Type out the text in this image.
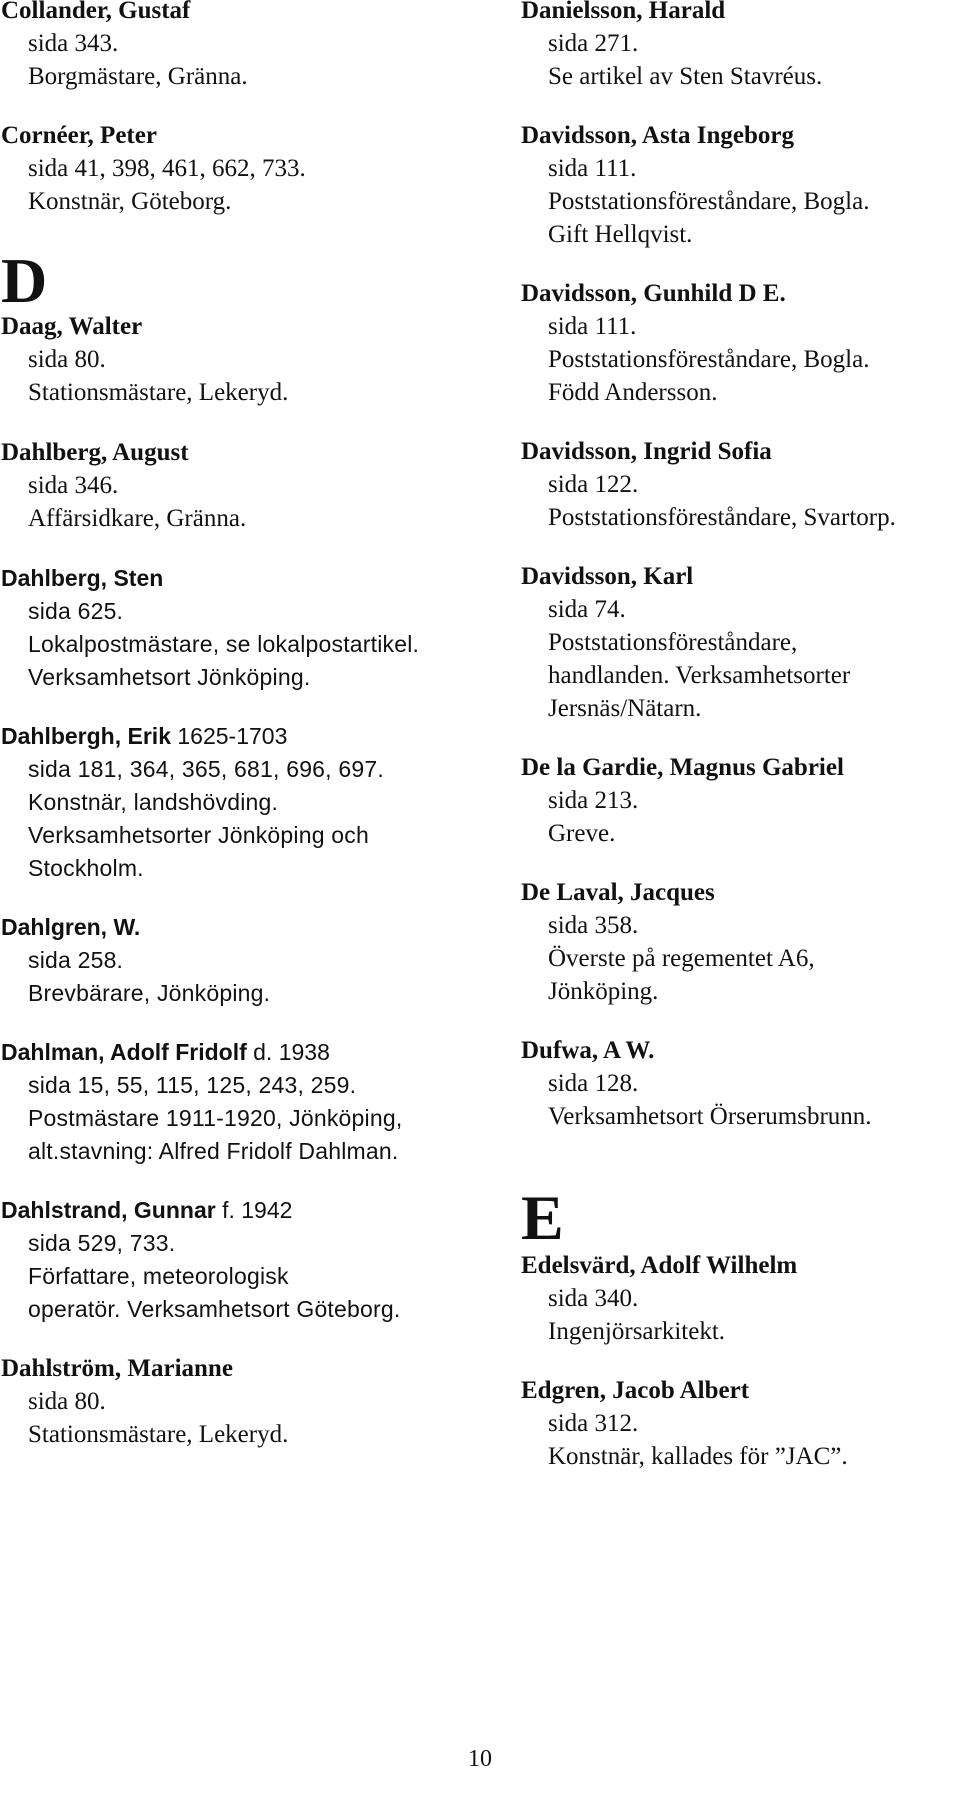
Collander, Gustaf
sida 343.
Borgmästare, Gränna.
Cornéer, Peter
sida 41, 398, 461, 662, 733.
Konstnär, Göteborg.
D
Daag, Walter
sida 80.
Stationsmästare, Lekeryd.
Dahlberg, August
sida 346.
Affärsidkare, Gränna.
Dahlberg, Sten
sida 625.
Lokalpostmästare, se lokalpostartikel.
Verksamhetsort Jönköping.
Dahlbergh, Erik 1625-1703
sida 181, 364, 365, 681, 696, 697.
Konstnär, landshövding.
Verksamhetsorter Jönköping och
Stockholm.
Dahlgren, W.
sida 258.
Brevbärare, Jönköping.
Dahlman, Adolf Fridolf d. 1938
sida 15, 55, 115, 125, 243, 259.
Postmästare 1911-1920, Jönköping,
alt.stavning: Alfred Fridolf Dahlman.
Dahlstrand, Gunnar f. 1942
sida 529, 733.
Författare, meteorologisk
operatör. Verksamhetsort Göteborg.
Dahlström, Marianne
sida 80.
Stationsmästare, Lekeryd.
Danielsson, Harald
sida 271.
Se artikel av Sten Stavréus.
Davidsson, Asta Ingeborg
sida 111.
Poststationsföreståndare, Bogla.
Gift Hellqvist.
Davidsson, Gunhild D E.
sida 111.
Poststationsföreståndare, Bogla.
Född Andersson.
Davidsson, Ingrid Sofia
sida 122.
Poststationsföreståndare, Svartorp.
Davidsson, Karl
sida 74.
Poststationsföreståndare,
handlanden. Verksamhetsorter
Jersnäs/Nätarn.
De la Gardie, Magnus Gabriel
sida 213.
Greve.
De Laval, Jacques
sida 358.
Överste på regementet A6,
Jönköping.
Dufwa, A W.
sida 128.
Verksamhetsort Örserumsbrunn.
E
Edelsvärd, Adolf Wilhelm
sida 340.
Ingenjörsarkitekt.
Edgren, Jacob Albert
sida 312.
Konstnär, kallades för ”JAC”.
10
